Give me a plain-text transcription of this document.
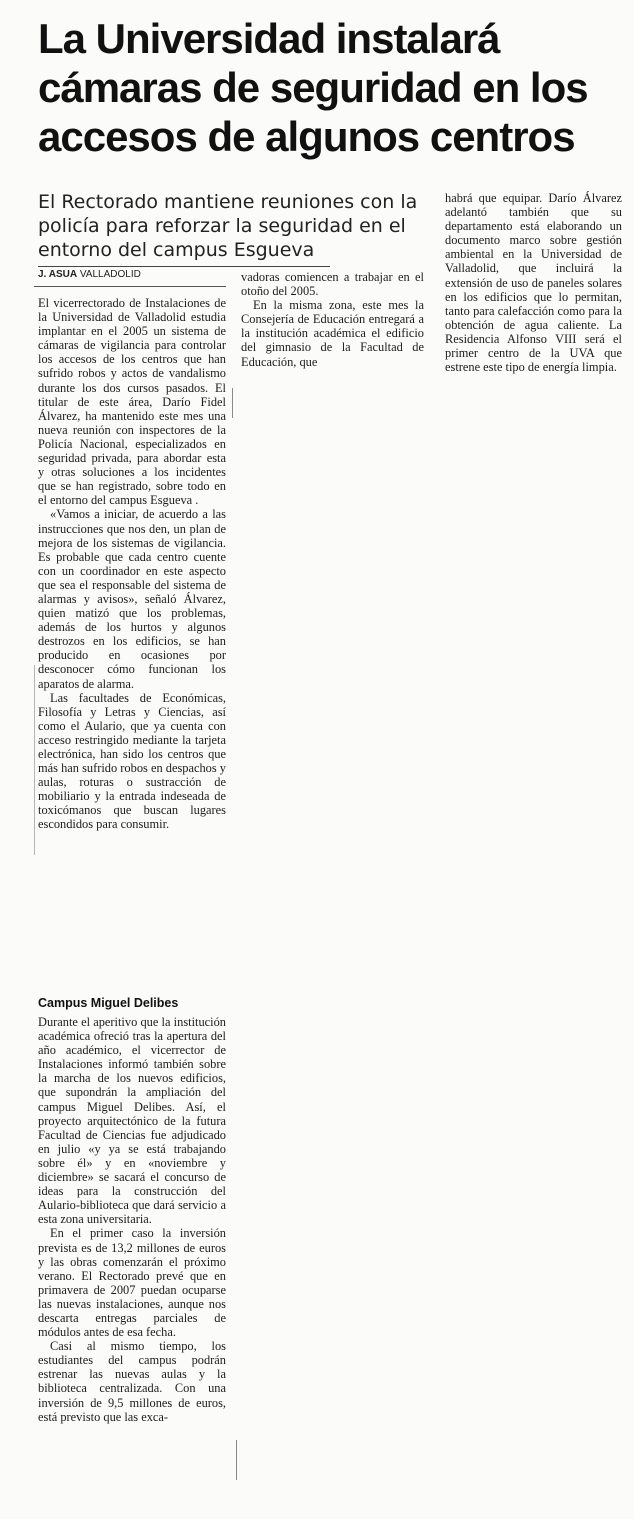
La Universidad instalará cámaras de seguridad en los accesos de algunos centros

El Rectorado mantiene reuniones con la policía para reforzar la seguridad en el entorno del campus Esgueva

J. ASUA VALLADOLID

El vicerrectorado de Instalaciones de la Universidad de Valladolid estudia implantar en el 2005 un sistema de cámaras de vigilancia para controlar los accesos de los centros que han sufrido robos y actos de vandalismo durante los dos cursos pasados. El titular de este área, Darío Fidel Álvarez, ha mantenido este mes una nueva reunión con inspectores de la Policía Nacional, especializados en seguridad privada, para abordar esta y otras soluciones a los incidentes que se han registrado, sobre todo en el entorno del campus Esgueva .

«Vamos a iniciar, de acuerdo a las instrucciones que nos den, un plan de mejora de los sistemas de vigilancia. Es probable que cada centro cuente con un coordinador en este aspecto que sea el responsable del sistema de alarmas y avisos», señaló Álvarez, quien matizó que los problemas, además de los hurtos y algunos destrozos en los edificios, se han producido en ocasiones por desconocer cómo funcionan los aparatos de alarma.

Las facultades de Económicas, Filosofía y Letras y Ciencias, así como el Aulario, que ya cuenta con acceso restringido mediante la tarjeta electrónica, han sido los centros que más han sufrido robos en despachos y aulas, roturas o sustracción de mobiliario y la entrada indeseada de toxicómanos que buscan lugares escondidos para consumir.

Campus Miguel Delibes

Durante el aperitivo que la institución académica ofreció tras la apertura del año académico, el vicerrector de Instalaciones informó también sobre la marcha de los nuevos edificios, que supondrán la ampliación del campus Miguel Delibes. Así, el proyecto arquitectónico de la futura Facultad de Ciencias fue adjudicado en julio «y ya se está trabajando sobre él» y en «noviembre y diciembre» se sacará el concurso de ideas para la construcción del Aulario-biblioteca que dará servicio a esta zona universitaria.

En el primer caso la inversión prevista es de 13,2 millones de euros y las obras comenzarán el próximo verano. El Rectorado prevé que en primavera de 2007 puedan ocuparse las nuevas instalaciones, aunque nos descarta entregas parciales de módulos antes de esa fecha.

Casi al mismo tiempo, los estudiantes del campus podrán estrenar las nuevas aulas y la biblioteca centralizada. Con una inversión de 9,5 millones de euros, está previsto que las exca-

vadoras comiencen a trabajar en el otoño del 2005.

En la misma zona, este mes la Consejería de Educación entregará a la institución académica el edificio del gimnasio de la Facultad de Educación, que

habrá que equipar. Darío Álvarez adelantó también que su departamento está elaborando un documento marco sobre gestión ambiental en la Universidad de Valladolid, que incluirá la extensión de uso de paneles solares en los edificios que lo permitan, tanto para calefacción como para la obtención de agua caliente. La Residencia Alfonso VIII será el primer centro de la UVA que estrene este tipo de energía limpia.
